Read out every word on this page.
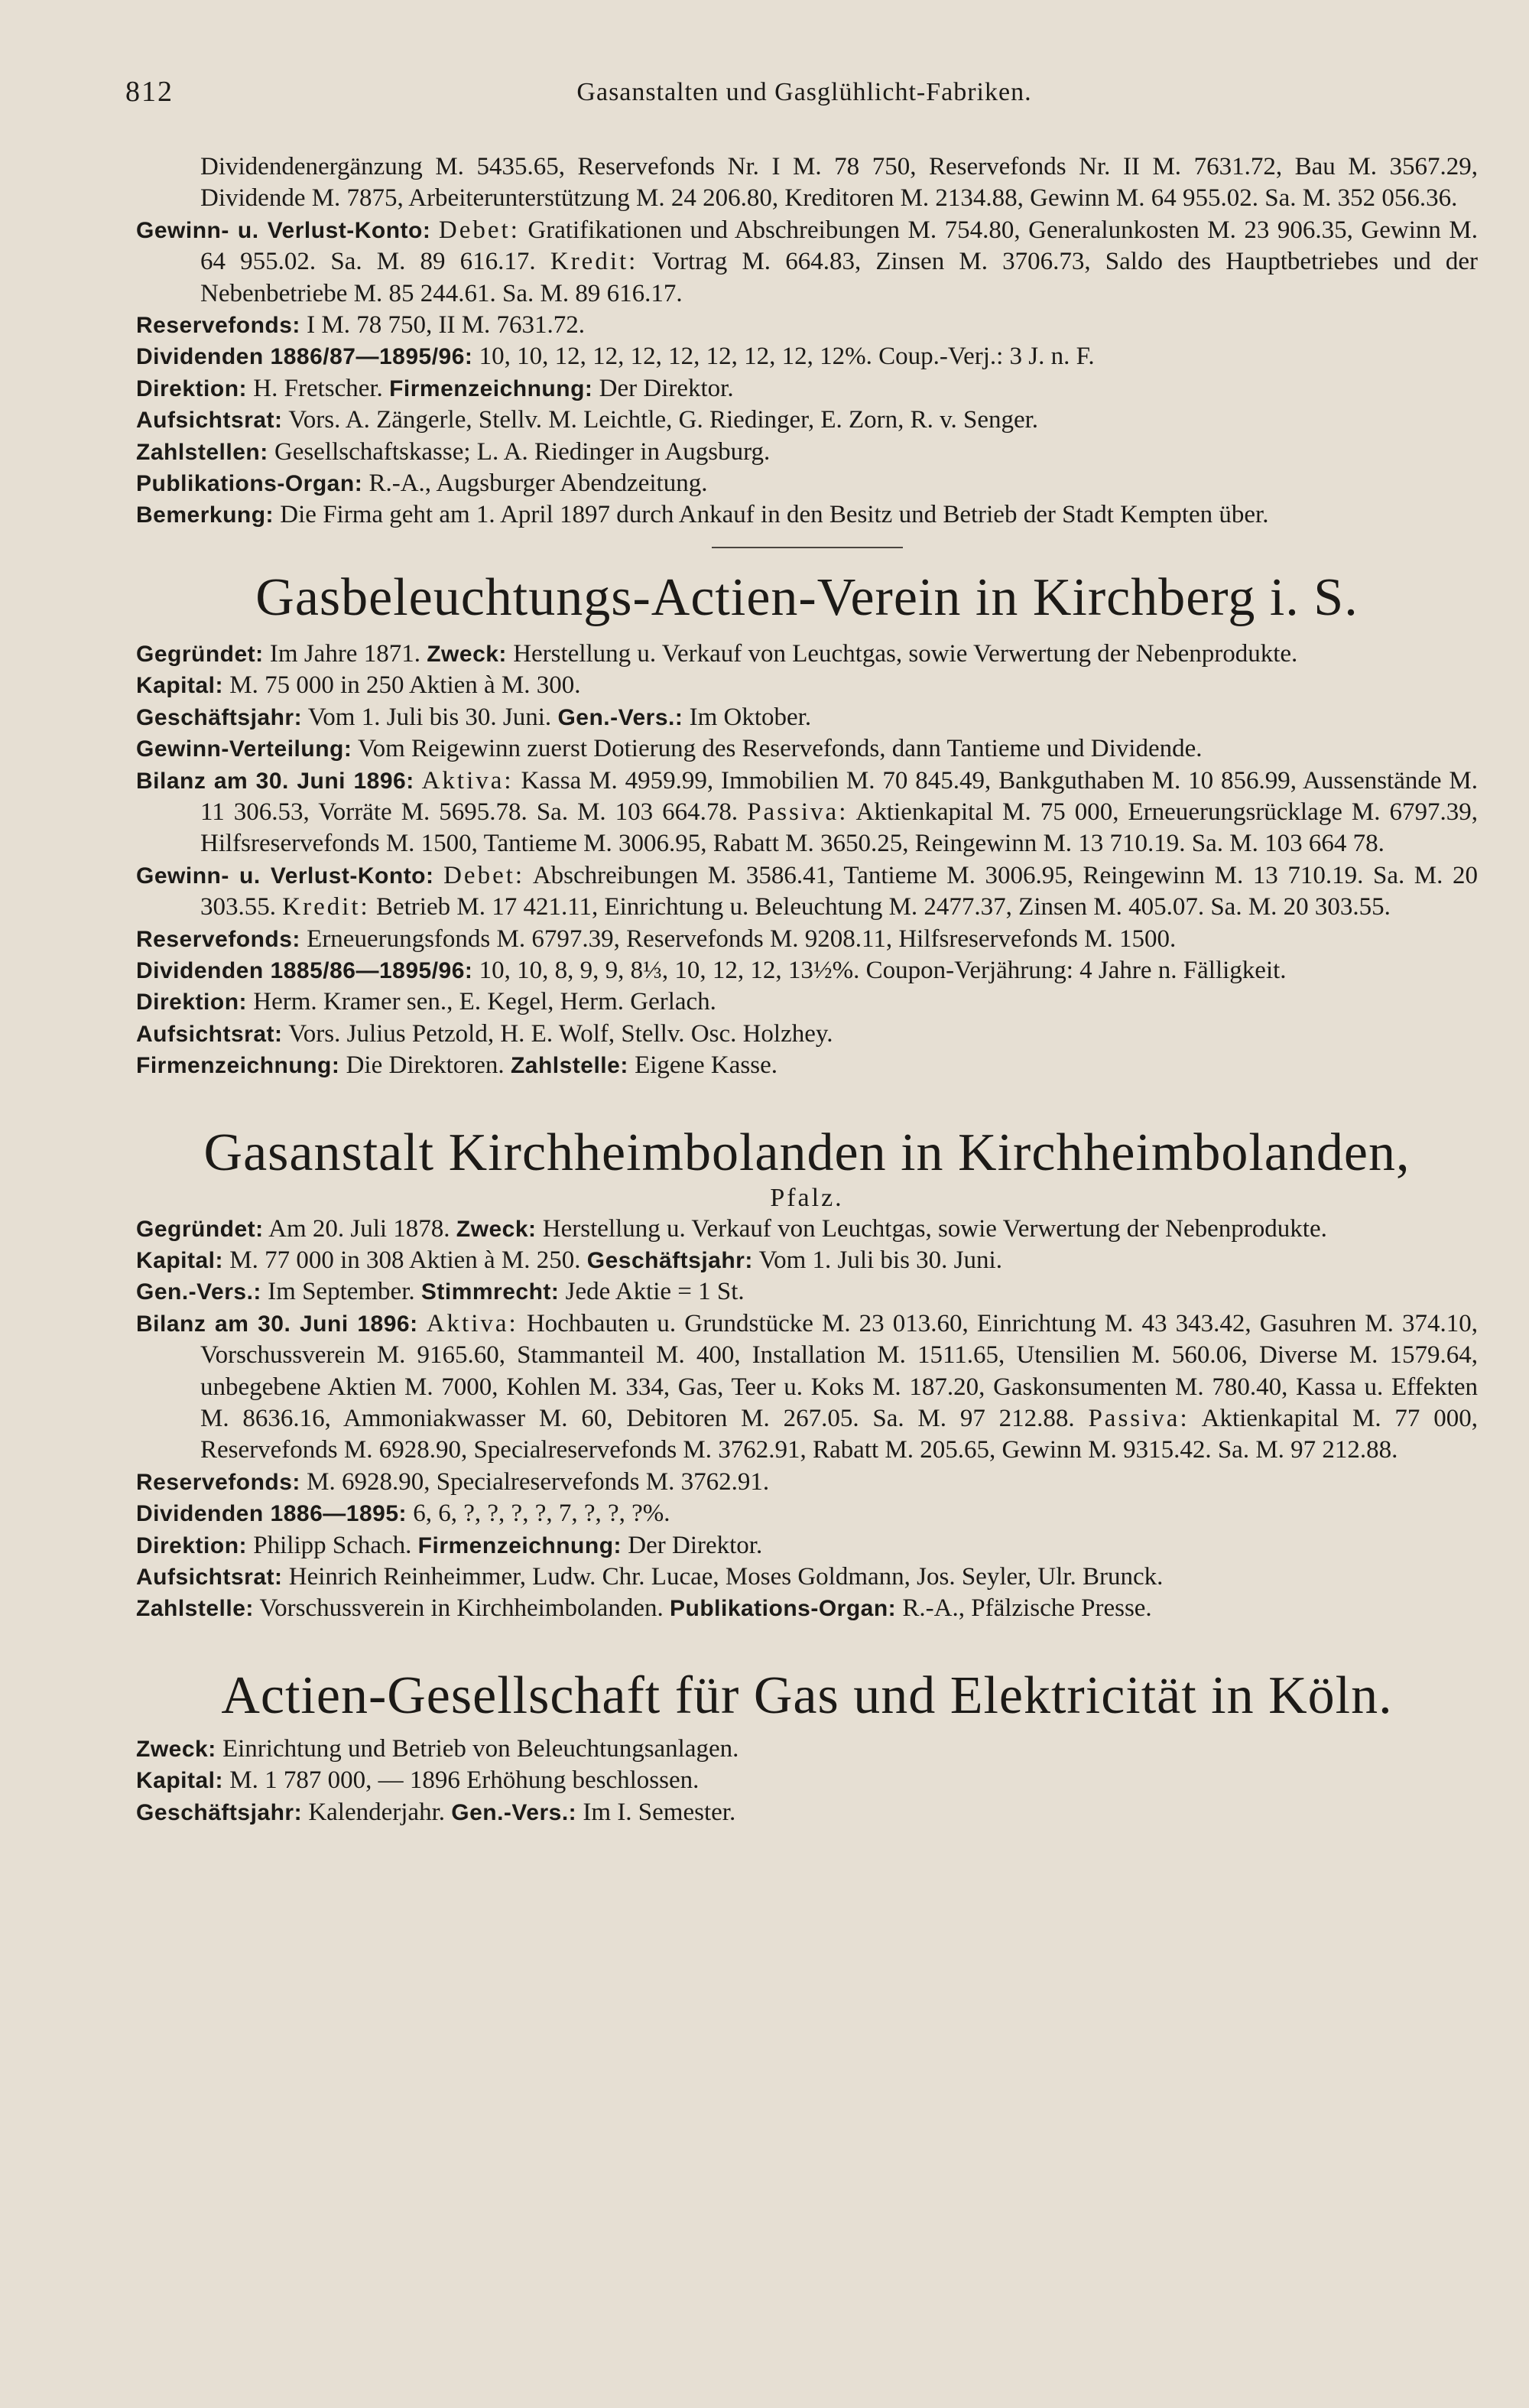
812	Gasanstalten und Gasglühlicht-Fabriken.

Dividendenergänzung M. 5435.65, Reservefonds Nr. I M. 78 750, Reservefonds Nr. II M. 7631.72, Bau M. 3567.29, Dividende M. 7875, Arbeiterunterstützung M. 24 206.80, Kreditoren M. 2134.88, Gewinn M. 64 955.02. Sa. M. 352 056.36.

Gewinn- u. Verlust-Konto: Debet: Gratifikationen und Abschreibungen M. 754.80, Generalunkosten M. 23 906.35, Gewinn M. 64 955.02. Sa. M. 89 616.17. Kredit: Vortrag M. 664.83, Zinsen M. 3706.73, Saldo des Hauptbetriebes und der Nebenbetriebe M. 85 244.61. Sa. M. 89 616.17.

Reservefonds: I M. 78 750, II M. 7631.72.

Dividenden 1886/87—1895/96: 10, 10, 12, 12, 12, 12, 12, 12, 12, 12%. Coup.-Verj.: 3 J. n. F.

Direktion: H. Fretscher. Firmenzeichnung: Der Direktor.

Aufsichtsrat: Vors. A. Zängerle, Stellv. M. Leichtle, G. Riedinger, E. Zorn, R. v. Senger.

Zahlstellen: Gesellschaftskasse; L. A. Riedinger in Augsburg.

Publikations-Organ: R.-A., Augsburger Abendzeitung.

Bemerkung: Die Firma geht am 1. April 1897 durch Ankauf in den Besitz und Betrieb der Stadt Kempten über.

Gasbeleuchtungs-Actien-Verein in Kirchberg i. S.

Gegründet: Im Jahre 1871. Zweck: Herstellung u. Verkauf von Leuchtgas, sowie Verwertung der Nebenprodukte.

Kapital: M. 75 000 in 250 Aktien à M. 300.

Geschäftsjahr: Vom 1. Juli bis 30. Juni. Gen.-Vers.: Im Oktober.

Gewinn-Verteilung: Vom Reigewinn zuerst Dotierung des Reservefonds, dann Tantieme und Dividende.

Bilanz am 30. Juni 1896: Aktiva: Kassa M. 4959.99, Immobilien M. 70 845.49, Bankguthaben M. 10 856.99, Aussenstände M. 11 306.53, Vorräte M. 5695.78. Sa. M. 103 664.78. Passiva: Aktienkapital M. 75 000, Erneuerungsrücklage M. 6797.39, Hilfsreservefonds M. 1500, Tantieme M. 3006.95, Rabatt M. 3650.25, Reingewinn M. 13 710.19. Sa. M. 103 664 78.

Gewinn- u. Verlust-Konto: Debet: Abschreibungen M. 3586.41, Tantieme M. 3006.95, Reingewinn M. 13 710.19. Sa. M. 20 303.55. Kredit: Betrieb M. 17 421.11, Einrichtung u. Beleuchtung M. 2477.37, Zinsen M. 405.07. Sa. M. 20 303.55.

Reservefonds: Erneuerungsfonds M. 6797.39, Reservefonds M. 9208.11, Hilfsreservefonds M. 1500.

Dividenden 1885/86—1895/96: 10, 10, 8, 9, 9, 8⅓, 10, 12, 12, 13½%. Coupon-Verjährung: 4 Jahre n. Fälligkeit.

Direktion: Herm. Kramer sen., E. Kegel, Herm. Gerlach.

Aufsichtsrat: Vors. Julius Petzold, H. E. Wolf, Stellv. Osc. Holzhey.

Firmenzeichnung: Die Direktoren. Zahlstelle: Eigene Kasse.

Gasanstalt Kirchheimbolanden in Kirchheimbolanden,
Pfalz.

Gegründet: Am 20. Juli 1878. Zweck: Herstellung u. Verkauf von Leuchtgas, sowie Verwertung der Nebenprodukte.

Kapital: M. 77 000 in 308 Aktien à M. 250. Geschäftsjahr: Vom 1. Juli bis 30. Juni.

Gen.-Vers.: Im September. Stimmrecht: Jede Aktie = 1 St.

Bilanz am 30. Juni 1896: Aktiva: Hochbauten u. Grundstücke M. 23 013.60, Einrichtung M. 43 343.42, Gasuhren M. 374.10, Vorschussverein M. 9165.60, Stammanteil M. 400, Installation M. 1511.65, Utensilien M. 560.06, Diverse M. 1579.64, unbegebene Aktien M. 7000, Kohlen M. 334, Gas, Teer u. Koks M. 187.20, Gaskonsumenten M. 780.40, Kassa u. Effekten M. 8636.16, Ammoniakwasser M. 60, Debitoren M. 267.05. Sa. M. 97 212.88. Passiva: Aktienkapital M. 77 000, Reservefonds M. 6928.90, Specialreservefonds M. 3762.91, Rabatt M. 205.65, Gewinn M. 9315.42. Sa. M. 97 212.88.

Reservefonds: M. 6928.90, Specialreservefonds M. 3762.91.

Dividenden 1886—1895: 6, 6, ?, ?, ?, ?, 7, ?, ?, ?%.

Direktion: Philipp Schach. Firmenzeichnung: Der Direktor.

Aufsichtsrat: Heinrich Reinheimmer, Ludw. Chr. Lucae, Moses Goldmann, Jos. Seyler, Ulr. Brunck.

Zahlstelle: Vorschussverein in Kirchheimbolanden. Publikations-Organ: R.-A., Pfälzische Presse.

Actien-Gesellschaft für Gas und Elektricität in Köln.

Zweck: Einrichtung und Betrieb von Beleuchtungsanlagen.

Kapital: M. 1 787 000, — 1896 Erhöhung beschlossen.

Geschäftsjahr: Kalenderjahr. Gen.-Vers.: Im I. Semester.
